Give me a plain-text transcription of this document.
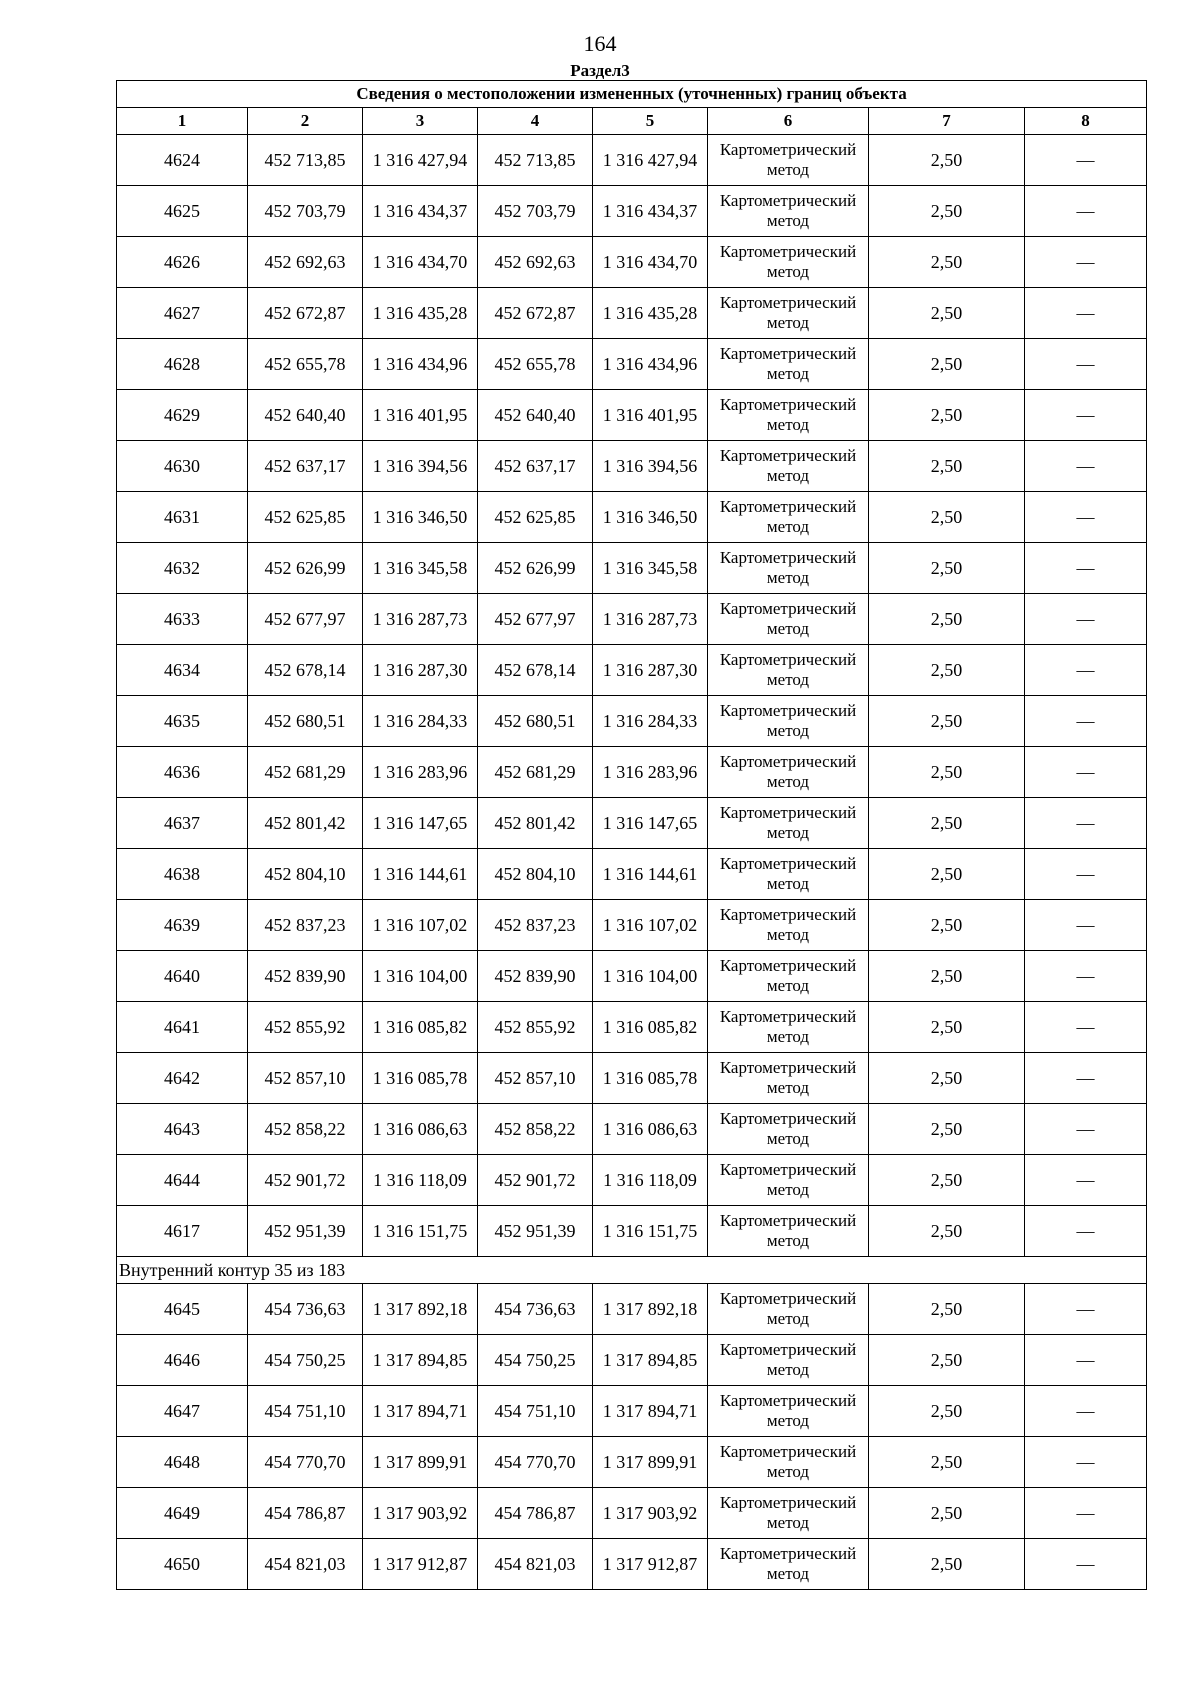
164
Раздел3
Сведения о местоположении измененных (уточненных) границ объекта							
1	2	3	4	5	6	7	8
4624	452 713,85	1 316 427,94	452 713,85	1 316 427,94	Картометрический метод	2,50	—
4625	452 703,79	1 316 434,37	452 703,79	1 316 434,37	Картометрический метод	2,50	—
4626	452 692,63	1 316 434,70	452 692,63	1 316 434,70	Картометрический метод	2,50	—
4627	452 672,87	1 316 435,28	452 672,87	1 316 435,28	Картометрический метод	2,50	—
4628	452 655,78	1 316 434,96	452 655,78	1 316 434,96	Картометрический метод	2,50	—
4629	452 640,40	1 316 401,95	452 640,40	1 316 401,95	Картометрический метод	2,50	—
4630	452 637,17	1 316 394,56	452 637,17	1 316 394,56	Картометрический метод	2,50	—
4631	452 625,85	1 316 346,50	452 625,85	1 316 346,50	Картометрический метод	2,50	—
4632	452 626,99	1 316 345,58	452 626,99	1 316 345,58	Картометрический метод	2,50	—
4633	452 677,97	1 316 287,73	452 677,97	1 316 287,73	Картометрический метод	2,50	—
4634	452 678,14	1 316 287,30	452 678,14	1 316 287,30	Картометрический метод	2,50	—
4635	452 680,51	1 316 284,33	452 680,51	1 316 284,33	Картометрический метод	2,50	—
4636	452 681,29	1 316 283,96	452 681,29	1 316 283,96	Картометрический метод	2,50	—
4637	452 801,42	1 316 147,65	452 801,42	1 316 147,65	Картометрический метод	2,50	—
4638	452 804,10	1 316 144,61	452 804,10	1 316 144,61	Картометрический метод	2,50	—
4639	452 837,23	1 316 107,02	452 837,23	1 316 107,02	Картометрический метод	2,50	—
4640	452 839,90	1 316 104,00	452 839,90	1 316 104,00	Картометрический метод	2,50	—
4641	452 855,92	1 316 085,82	452 855,92	1 316 085,82	Картометрический метод	2,50	—
4642	452 857,10	1 316 085,78	452 857,10	1 316 085,78	Картометрический метод	2,50	—
4643	452 858,22	1 316 086,63	452 858,22	1 316 086,63	Картометрический метод	2,50	—
4644	452 901,72	1 316 118,09	452 901,72	1 316 118,09	Картометрический метод	2,50	—
4617	452 951,39	1 316 151,75	452 951,39	1 316 151,75	Картометрический метод	2,50	—
Внутренний контур 35 из 183							
4645	454 736,63	1 317 892,18	454 736,63	1 317 892,18	Картометрический метод	2,50	—
4646	454 750,25	1 317 894,85	454 750,25	1 317 894,85	Картометрический метод	2,50	—
4647	454 751,10	1 317 894,71	454 751,10	1 317 894,71	Картометрический метод	2,50	—
4648	454 770,70	1 317 899,91	454 770,70	1 317 899,91	Картометрический метод	2,50	—
4649	454 786,87	1 317 903,92	454 786,87	1 317 903,92	Картометрический метод	2,50	—
4650	454 821,03	1 317 912,87	454 821,03	1 317 912,87	Картометрический метод	2,50	—
